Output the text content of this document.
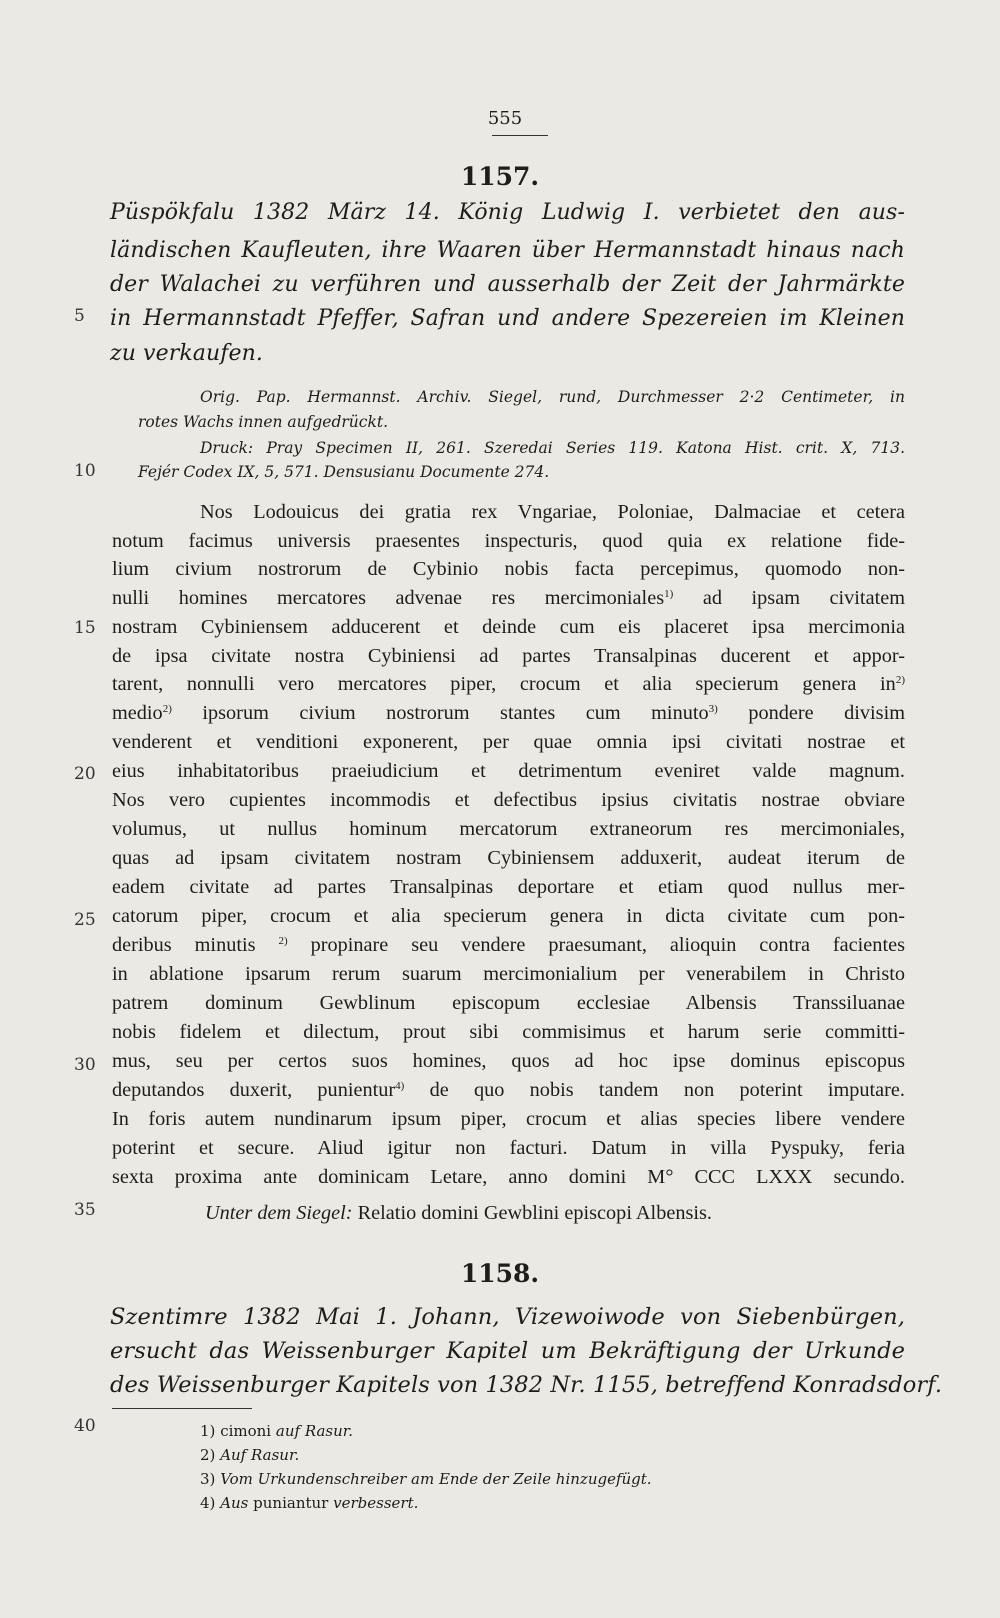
555
5
10
15
20
25
30
35
40
1157.
Püspökfalu 1382 März 14. König Ludwig I. verbietet den aus-
ländischen Kaufleuten, ihre Waaren über Hermannstadt hinaus nach
der Walachei zu verführen und ausserhalb der Zeit der Jahrmärkte
in Hermannstadt Pfeffer, Safran und andere Spezereien im Kleinen
zu verkaufen.
Orig. Pap. Hermannst. Archiv. Siegel, rund, Durchmesser 2·2 Centimeter, in
rotes Wachs innen aufgedrückt.
Druck: Pray Specimen II, 261. Szeredai Series 119. Katona Hist. crit. X, 713.
Fejér Codex IX, 5, 571. Densusianu Documente 274.
Nos Lodouicus dei gratia rex Vngariae, Poloniae, Dalmaciae et cetera
notum facimus universis praesentes inspecturis, quod quia ex relatione fide-
lium civium nostrorum de Cybinio nobis facta percepimus, quomodo non-
nulli homines mercatores advenae res mercimoniales$^{1)}$ ad ipsam civitatem
nostram Cybiniensem adducerent et deinde cum eis placeret ipsa mercimonia
de ipsa civitate nostra Cybiniensi ad partes Transalpinas ducerent et appor-
tarent, nonnulli vero mercatores piper, crocum et alia specierum genera in$^{2)}$
medio$^{2)}$ ipsorum civium nostrorum stantes cum minuto$^{3)}$ pondere divisim
venderent et venditioni exponerent, per quae omnia ipsi civitati nostrae et
eius inhabitatoribus praeiudicium et detrimentum eveniret valde magnum.
Nos vero cupientes incommodis et defectibus ipsius civitatis nostrae obviare
volumus, ut nullus hominum mercatorum extraneorum res mercimoniales,
quas ad ipsam civitatem nostram Cybiniensem adduxerit, audeat iterum de
eadem civitate ad partes Transalpinas deportare et etiam quod nullus mer-
catorum piper, crocum et alia specierum genera in dicta civitate cum pon-
deribus minutis $^{2)}$ propinare seu vendere praesumant, alioquin contra facientes
in ablatione ipsarum rerum suarum mercimonialium per venerabilem in Christo
patrem dominum Gewblinum episcopum ecclesiae Albensis Transsiluanae
nobis fidelem et dilectum, prout sibi commisimus et harum serie committi-
mus, seu per certos suos homines, quos ad hoc ipse dominus episcopus
deputandos duxerit, punientur$^{4)}$ de quo nobis tandem non poterint imputare.
In foris autem nundinarum ipsum piper, crocum et alias species libere vendere
poterint et secure. Aliud igitur non facturi. Datum in villa Pyspuky, feria
sexta proxima ante dominicam Letare, anno domini M° CCC LXXX secundo.
Unter dem Siegel: Relatio domini Gewblini episcopi Albensis.
1158.
Szentimre 1382 Mai 1. Johann, Vizewoiwode von Siebenbürgen,
ersucht das Weissenburger Kapitel um Bekräftigung der Urkunde
des Weissenburger Kapitels von 1382 Nr. 1155, betreffend Konradsdorf.
1) cimoni auf Rasur.
2) Auf Rasur.
3) Vom Urkundenschreiber am Ende der Zeile hinzugefügt.
4) Aus puniantur verbessert.
